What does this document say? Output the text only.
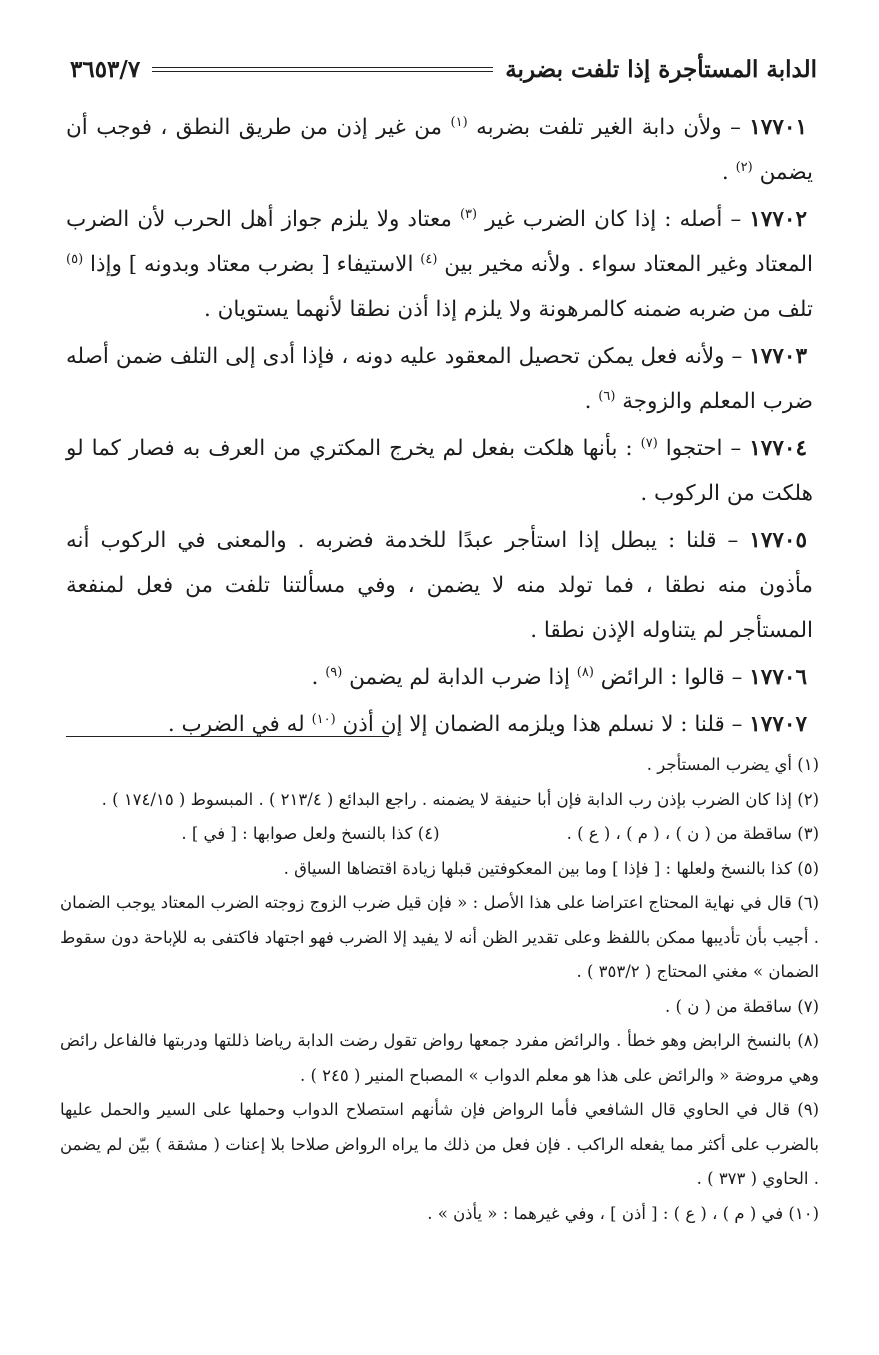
الدابة المستأجرة إذا تلفت بضربة
٣٦٥٣/٧

١٧٧٠١ – ولأن دابة الغير تلفت بضربه $^{(١)}$ من غير إذن من طريق النطق ، فوجب أن يضمن $^{(٢)}$ .

١٧٧٠٢ – أصله : إذا كان الضرب غير $^{(٣)}$ معتاد ولا يلزم جواز أهل الحرب لأن الضرب المعتاد وغير المعتاد سواء . ولأنه مخير بين $^{(٤)}$ الاستيفاء [ بضرب معتاد وبدونه ] وإذا $^{(٥)}$ تلف من ضربه ضمنه كالمرهونة ولا يلزم إذا أذن نطقا لأنهما يستويان .

١٧٧٠٣ – ولأنه فعل يمكن تحصيل المعقود عليه دونه ، فإذا أدى إلى التلف ضمن أصله ضرب المعلم والزوجة $^{(٦)}$ .

١٧٧٠٤ – احتجوا $^{(٧)}$ : بأنها هلكت بفعل لم يخرج المكتري من العرف به فصار كما لو هلكت من الركوب .

١٧٧٠٥ – قلنا : يبطل إذا استأجر عبدًا للخدمة فضربه . والمعنى في الركوب أنه مأذون منه نطقا ، فما تولد منه لا يضمن ، وفي مسألتنا تلفت من فعل لمنفعة المستأجر لم يتناوله الإذن نطقا .

١٧٧٠٦ – قالوا : الرائض $^{(٨)}$ إذا ضرب الدابة لم يضمن $^{(٩)}$ .

١٧٧٠٧ – قلنا : لا نسلم هذا ويلزمه الضمان إلا إن أذن $^{(١٠)}$ له في الضرب .

(١) أي يضرب المستأجر .

(٢) إذا كان الضرب بإذن رب الدابة فإن أبا حنيفة لا يضمنه . راجع البدائع ( ٢١٣/٤ ) . المبسوط ( ١٧٤/١٥ ) .

(٣) ساقطة من ( ن ) ، ( م ) ، ( ع ) .

(٤) كذا بالنسخ ولعل صوابها : [ في ] .

(٥) كذا بالنسخ ولعلها : [ فإذا ] وما بين المعكوفتين قبلها زيادة اقتضاها السياق .

(٦) قال في نهاية المحتاج اعتراضا على هذا الأصل : « فإن قيل ضرب الزوج زوجته الضرب المعتاد يوجب الضمان . أجيب بأن تأديبها ممكن باللفظ وعلى تقدير الظن أنه لا يفيد إلا الضرب فهو اجتهاد فاكتفى به للإباحة دون سقوط الضمان » مغني المحتاج ( ٣٥٣/٢ ) .

(٧) ساقطة من ( ن ) .

(٨) بالنسخ الرابض وهو خطأ . والرائض مفرد جمعها رواض تقول رضت الدابة رياضا ذللتها ودربتها فالفاعل رائض وهي مروضة « والرائض على هذا هو معلم الدواب » المصباح المنير ( ٢٤٥ ) .

(٩) قال في الحاوي قال الشافعي فأما الرواض فإن شأنهم استصلاح الدواب وحملها على السير والحمل عليها بالضرب على أكثر مما يفعله الراكب . فإن فعل من ذلك ما يراه الرواض صلاحا بلا إعنات ( مشقة ) بيّن لم يضمن . الحاوي ( ٣٧٣ ) .

(١٠) في ( م ) ، ( ع ) : [ أذن ] ، وفي غيرهما : « يأذن » .
